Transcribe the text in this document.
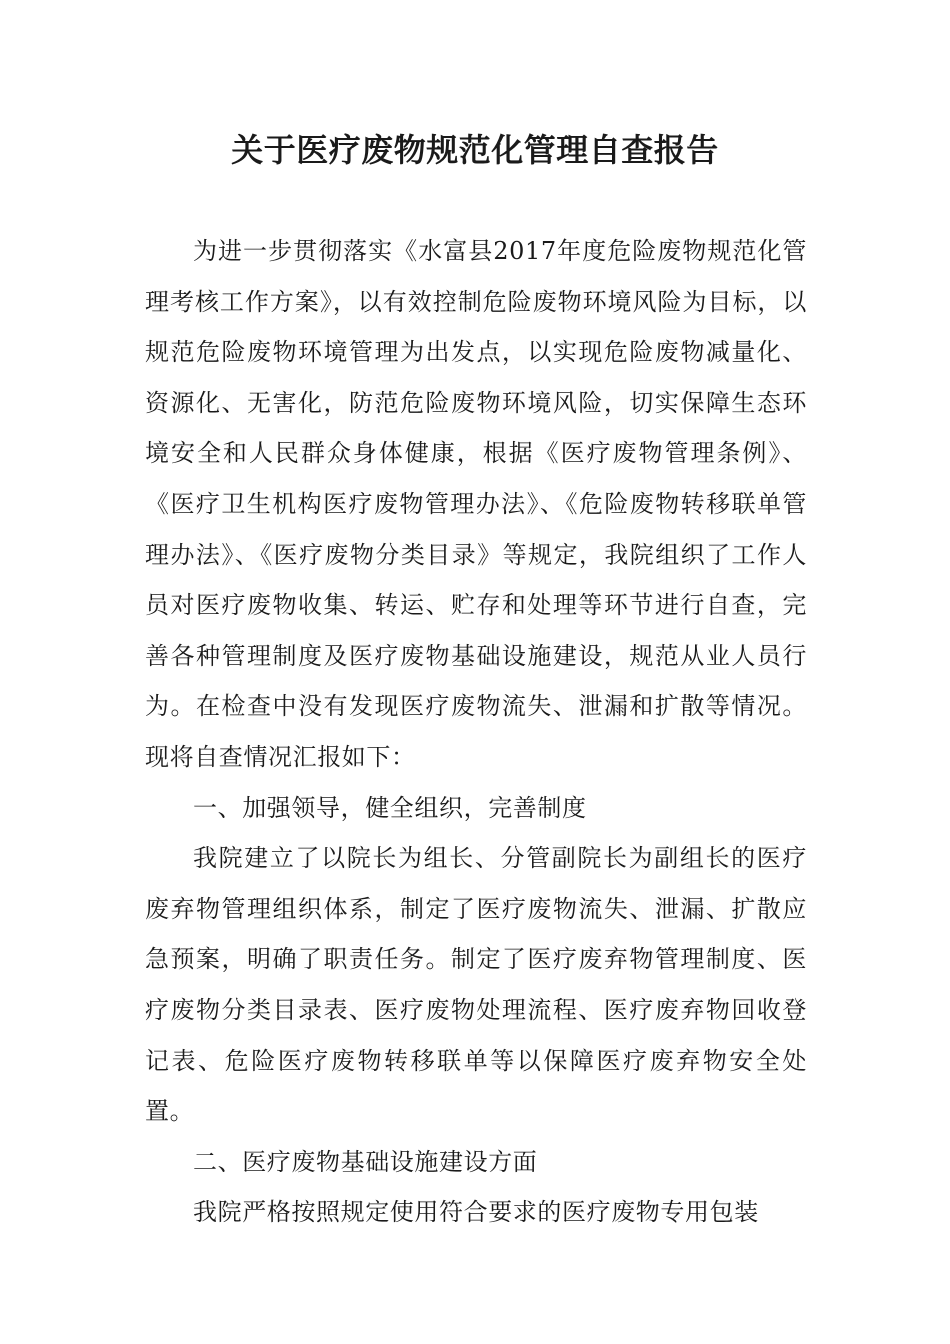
关于医疗废物规范化管理自查报告

为进一步贯彻落实《水富县2017年度危险废物规范化管理考核工作方案》，以有效控制危险废物环境风险为目标，以规范危险废物环境管理为出发点，以实现危险废物减量化、资源化、无害化，防范危险废物环境风险，切实保障生态环境安全和人民群众身体健康，根据《医疗废物管理条例》、《医疗卫生机构医疗废物管理办法》、《危险废物转移联单管理办法》、《医疗废物分类目录》等规定，我院组织了工作人员对医疗废物收集、转运、贮存和处理等环节进行自查，完善各种管理制度及医疗废物基础设施建设，规范从业人员行为。在检查中没有发现医疗废物流失、泄漏和扩散等情况。现将自查情况汇报如下：

一、加强领导，健全组织，完善制度

我院建立了以院长为组长、分管副院长为副组长的医疗废弃物管理组织体系，制定了医疗废物流失、泄漏、扩散应急预案，明确了职责任务。制定了医疗废弃物管理制度、医疗废物分类目录表、医疗废物处理流程、医疗废弃物回收登记表、危险医疗废物转移联单等以保障医疗废弃物安全处置。

二、医疗废物基础设施建设方面

我院严格按照规定使用符合要求的医疗废物专用包装
